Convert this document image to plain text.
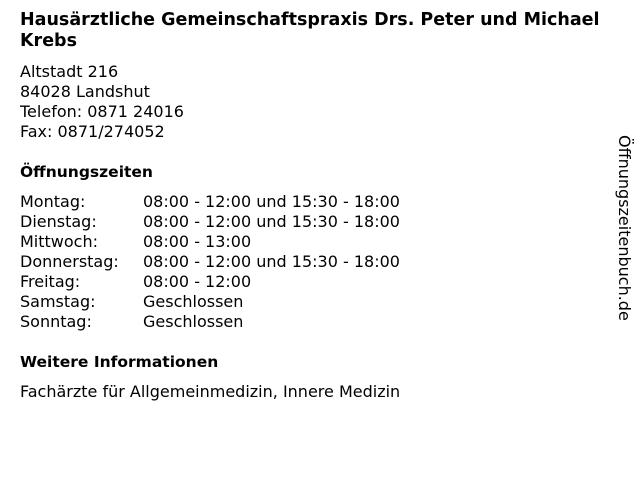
Hausärztliche Gemeinschaftspraxis Drs. Peter und Michael Krebs
Altstadt 216
84028 Landshut
Telefon: 0871 24016
Fax: 0871/274052
Öffnungszeiten
Montag:	08:00 - 12:00 und 15:30 - 18:00
Dienstag:	08:00 - 12:00 und 15:30 - 18:00
Mittwoch:	08:00 - 13:00
Donnerstag:	08:00 - 12:00 und 15:30 - 18:00
Freitag:	08:00 - 12:00
Samstag:	Geschlossen
Sonntag:	Geschlossen
Weitere Informationen
Fachärzte für Allgemeinmedizin, Innere Medizin
Öffnungszeitenbuch.de
